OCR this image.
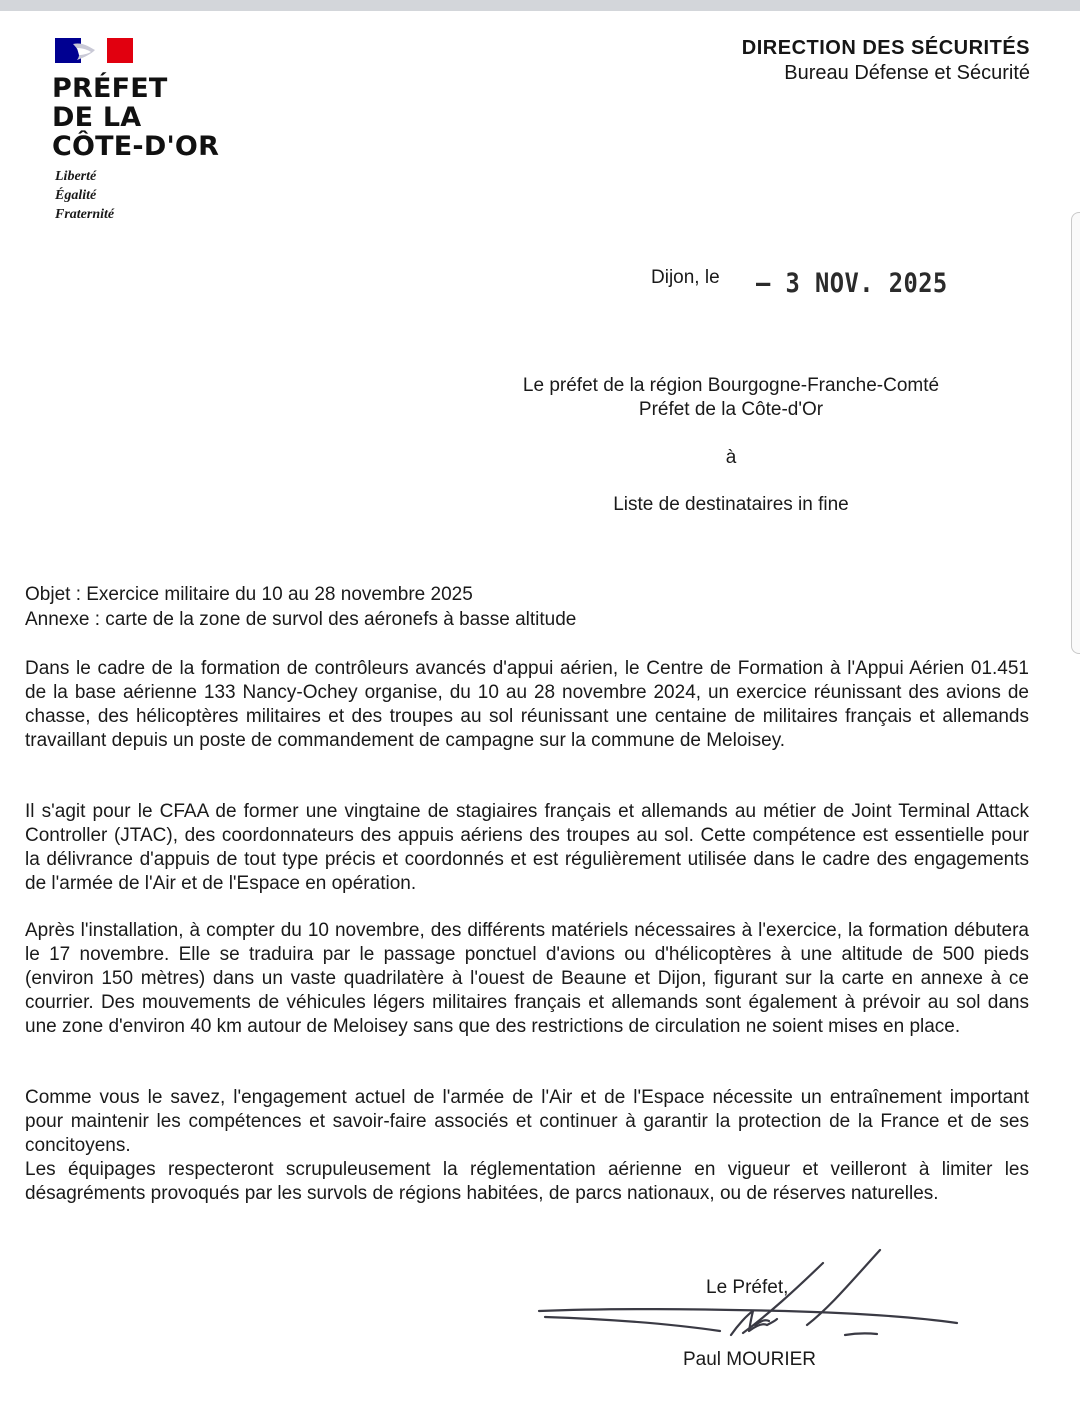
PRÉFET
DE LA
CÔTE-D'OR
Liberté
Égalité
Fraternité
DIRECTION DES SÉCURITÉS
Bureau Défense et Sécurité
Dijon, le – 3 NOV. 2025
Le préfet de la région Bourgogne-Franche-Comté
Préfet de la Côte-d'Or
à
Liste de destinataires in fine
Objet : Exercice militaire du 10 au 28 novembre 2025
Annexe : carte de la zone de survol des aéronefs à basse altitude

Dans le cadre de la formation de contrôleurs avancés d'appui aérien, le Centre de Formation à l'Appui Aérien 01.451 de la base aérienne 133 Nancy-Ochey organise, du 10 au 28 novembre 2024, un exercice réunissant des avions de chasse, des hélicoptères militaires et des troupes au sol réunissant une centaine de militaires français et allemands travaillant depuis un poste de commandement de campagne sur la commune de Meloisey.

Il s'agit pour le CFAA de former une vingtaine de stagiaires français et allemands au métier de Joint Terminal Attack Controller (JTAC), des coordonnateurs des appuis aériens des troupes au sol. Cette compétence est essentielle pour la délivrance d'appuis de tout type précis et coordonnés et est régulièrement utilisée dans le cadre des engagements de l'armée de l'Air et de l'Espace en opération.

Après l'installation, à compter du 10 novembre, des différents matériels nécessaires à l'exercice, la formation débutera le 17 novembre. Elle se traduira par le passage ponctuel d'avions ou d'hélicoptères à une altitude de 500 pieds (environ 150 mètres) dans un vaste quadrilatère à l'ouest de Beaune et Dijon, figurant sur la carte en annexe à ce courrier. Des mouvements de véhicules légers militaires français et allemands sont également à prévoir au sol dans une zone d'environ 40 km autour de Meloisey sans que des restrictions de circulation ne soient mises en place.

Comme vous le savez, l'engagement actuel de l'armée de l'Air et de l'Espace nécessite un entraînement important pour maintenir les compétences et savoir-faire associés et continuer à garantir la protection de la France et de ses concitoyens.

Les équipages respecteront scrupuleusement la réglementation aérienne en vigueur et veilleront à limiter les désagréments provoqués par les survols de régions habitées, de parcs nationaux, ou de réserves naturelles.

Le Préfet,
Paul MOURIER
